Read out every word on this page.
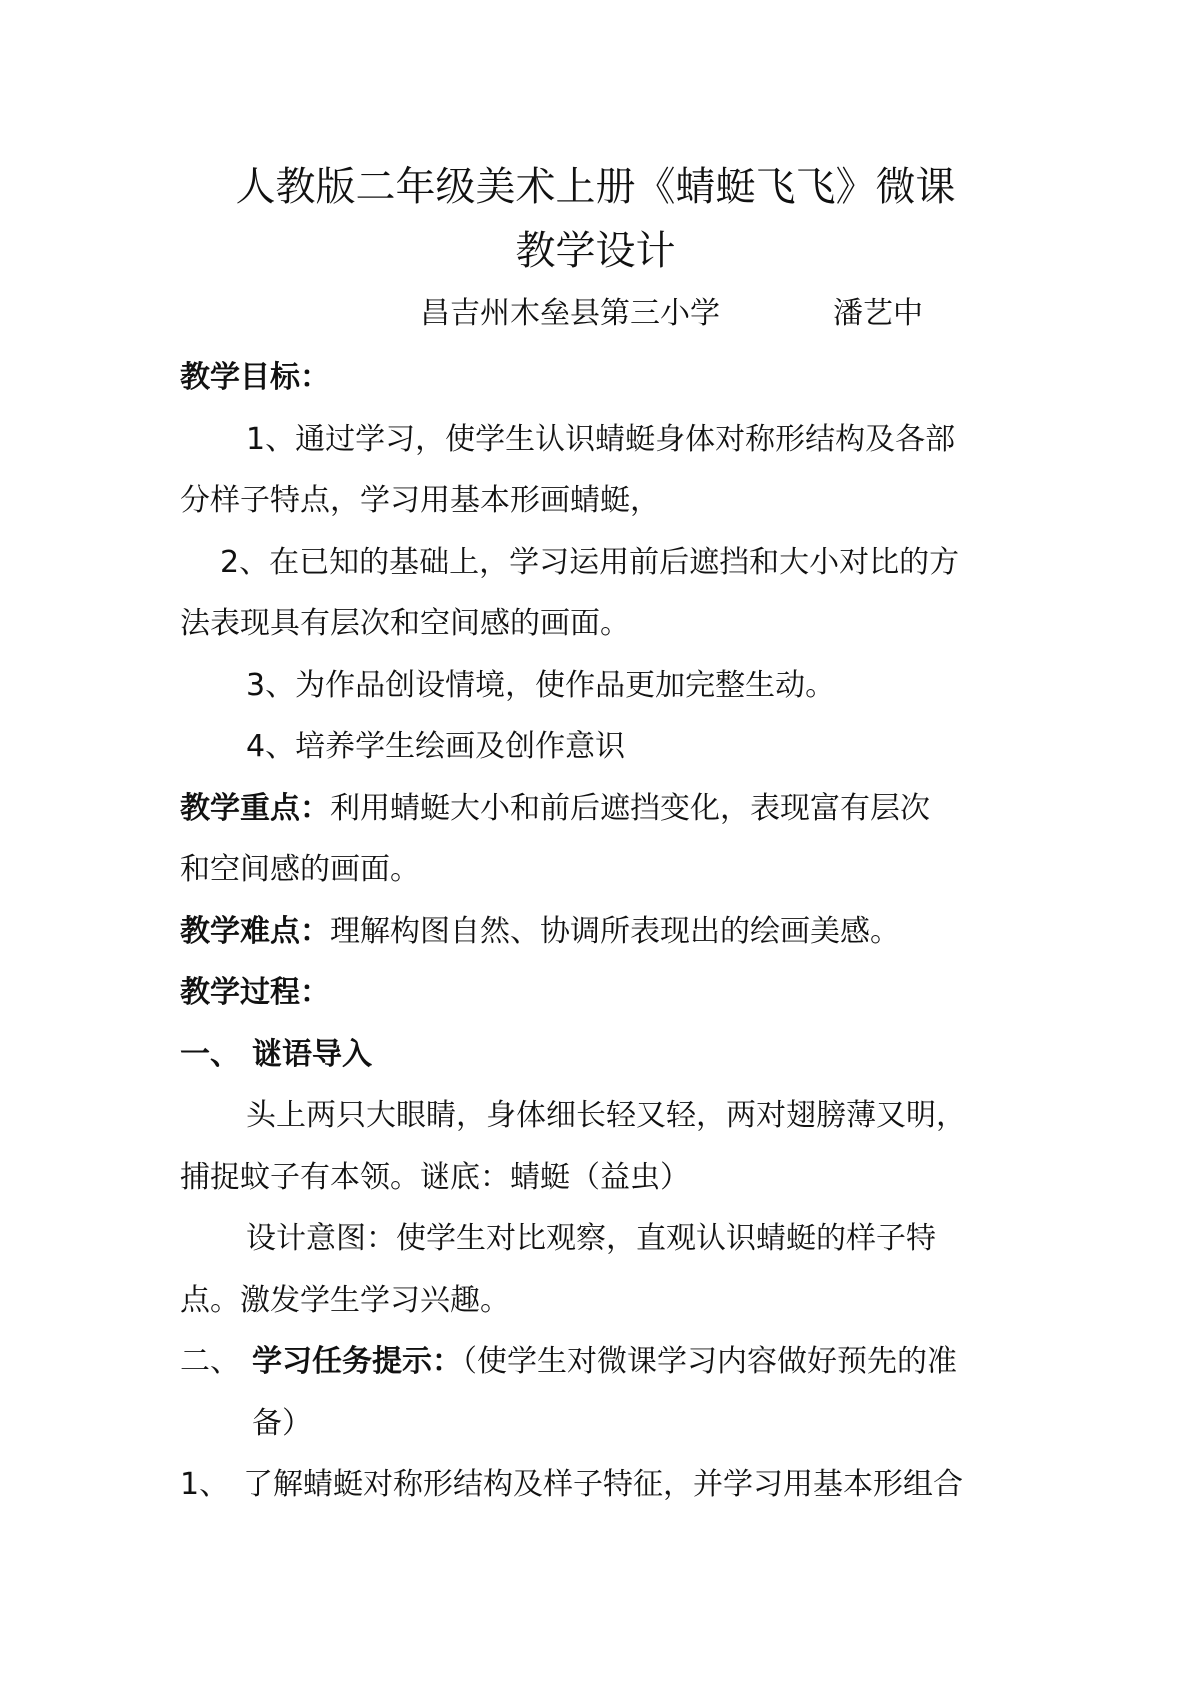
人教版二年级美术上册《蜻蜓飞飞》微课
教学设计
昌吉州木垒县第三小学	潘艺中
教学目标：
1、通过学习，使学生认识蜻蜓身体对称形结构及各部
分样子特点，学习用基本形画蜻蜓，
2、在已知的基础上，学习运用前后遮挡和大小对比的方
法表现具有层次和空间感的画面。
3、为作品创设情境，使作品更加完整生动。
4、培养学生绘画及创作意识
教学重点：利用蜻蜓大小和前后遮挡变化，表现富有层次
和空间感的画面。
教学难点：理解构图自然、协调所表现出的绘画美感。
教学过程：
一、 谜语导入
头上两只大眼睛，身体细长轻又轻，两对翅膀薄又明，
捕捉蚊子有本领。谜底：蜻蜓（益虫）
设计意图：使学生对比观察，直观认识蜻蜓的样子特
点。激发学生学习兴趣。
二、 学习任务提示：（使学生对微课学习内容做好预先的准
备）
1、 了解蜻蜓对称形结构及样子特征，并学习用基本形组合
